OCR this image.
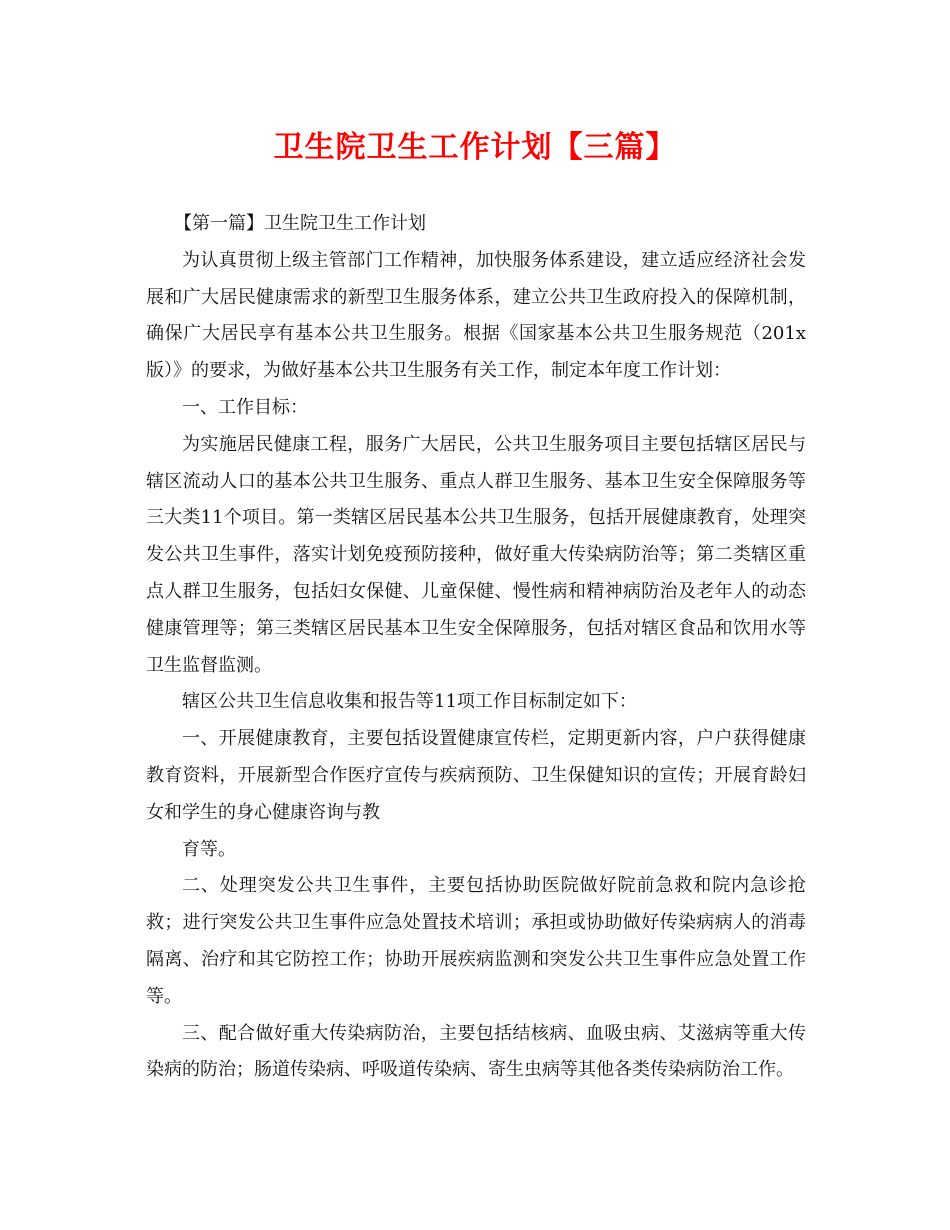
卫生院卫生工作计划【三篇】

【第一篇】卫生院卫生工作计划

为认真贯彻上级主管部门工作精神，加快服务体系建设，建立适应经济社会发展和广大居民健康需求的新型卫生服务体系，建立公共卫生政府投入的保障机制，确保广大居民享有基本公共卫生服务。根据《国家基本公共卫生服务规范（201x版）》的要求，为做好基本公共卫生服务有关工作，制定本年度工作计划：

一、工作目标：

为实施居民健康工程，服务广大居民，公共卫生服务项目主要包括辖区居民与辖区流动人口的基本公共卫生服务、重点人群卫生服务、基本卫生安全保障服务等三大类11个项目。第一类辖区居民基本公共卫生服务，包括开展健康教育，处理突发公共卫生事件，落实计划免疫预防接种，做好重大传染病防治等；第二类辖区重点人群卫生服务，包括妇女保健、儿童保健、慢性病和精神病防治及老年人的动态健康管理等；第三类辖区居民基本卫生安全保障服务，包括对辖区食品和饮用水等卫生监督监测。

辖区公共卫生信息收集和报告等11项工作目标制定如下：

一、开展健康教育，主要包括设置健康宣传栏，定期更新内容，户户获得健康教育资料，开展新型合作医疗宣传与疾病预防、卫生保健知识的宣传；开展育龄妇女和学生的身心健康咨询与教

育等。

二、处理突发公共卫生事件，主要包括协助医院做好院前急救和院内急诊抢救；进行突发公共卫生事件应急处置技术培训；承担或协助做好传染病病人的消毒隔离、治疗和其它防控工作；协助开展疾病监测和突发公共卫生事件应急处置工作等。

三、配合做好重大传染病防治，主要包括结核病、血吸虫病、艾滋病等重大传染病的防治；肠道传染病、呼吸道传染病、寄生虫病等其他各类传染病防治工作。
